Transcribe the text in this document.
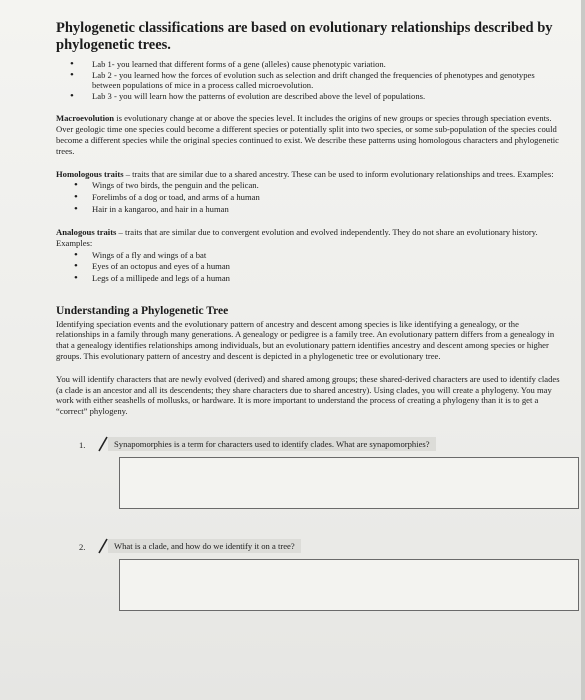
Phylogenetic classifications are based on evolutionary relationships described by phylogenetic trees.
• Lab 1- you learned that different forms of a gene (alleles) cause phenotypic variation.
• Lab 2 - you learned how the forces of evolution such as selection and drift changed the frequencies of phenotypes and genotypes between populations of mice in a process called microevolution.
• Lab 3 - you will learn how the patterns of evolution are described above the level of populations.

Macroevolution is evolutionary change at or above the species level. It includes the origins of new groups or species through speciation events. Over geologic time one species could become a different species or potentially split into two species, or some sub-population of the species could become a different species while the original species continued to exist. We describe these patterns using homologous characters and phylogenetic trees.

Homologous traits – traits that are similar due to a shared ancestry. These can be used to inform evolutionary relationships and trees. Examples:

• Wings of two birds, the penguin and the pelican.
• Forelimbs of a dog or toad, and arms of a human
• Hair in a kangaroo, and hair in a human

Analogous traits – traits that are similar due to convergent evolution and evolved independently. They do not share an evolutionary history. Examples:

• Wings of a fly and wings of a bat
• Eyes of an octopus and eyes of a human
• Legs of a millipede and legs of a human
Understanding a Phylogenetic Tree

Identifying speciation events and the evolutionary pattern of ancestry and descent among species is like identifying a genealogy, or the relationships in a family through many generations. A genealogy or pedigree is a family tree. An evolutionary pattern differs from a genealogy in that a genealogy identifies relationships among individuals, but an evolutionary pattern identifies ancestry and descent among species or higher groups. This evolutionary pattern of ancestry and descent is depicted in a phylogenetic tree or evolutionary tree.

You will identify characters that are newly evolved (derived) and shared among groups; these shared-derived characters are used to identify clades (a clade is an ancestor and all its descendents; they share characters due to shared ancestry). Using clades, you will create a phylogeny. You may work with either seashells of mollusks, or hardware. It is more important to understand the process of creating a phylogeny than it is to get a “correct” phylogeny.

1.	Synapomorphies is a term for characters used to identify clades. What are synapomorphies?
2.	What is a clade, and how do we identify it on a tree?
